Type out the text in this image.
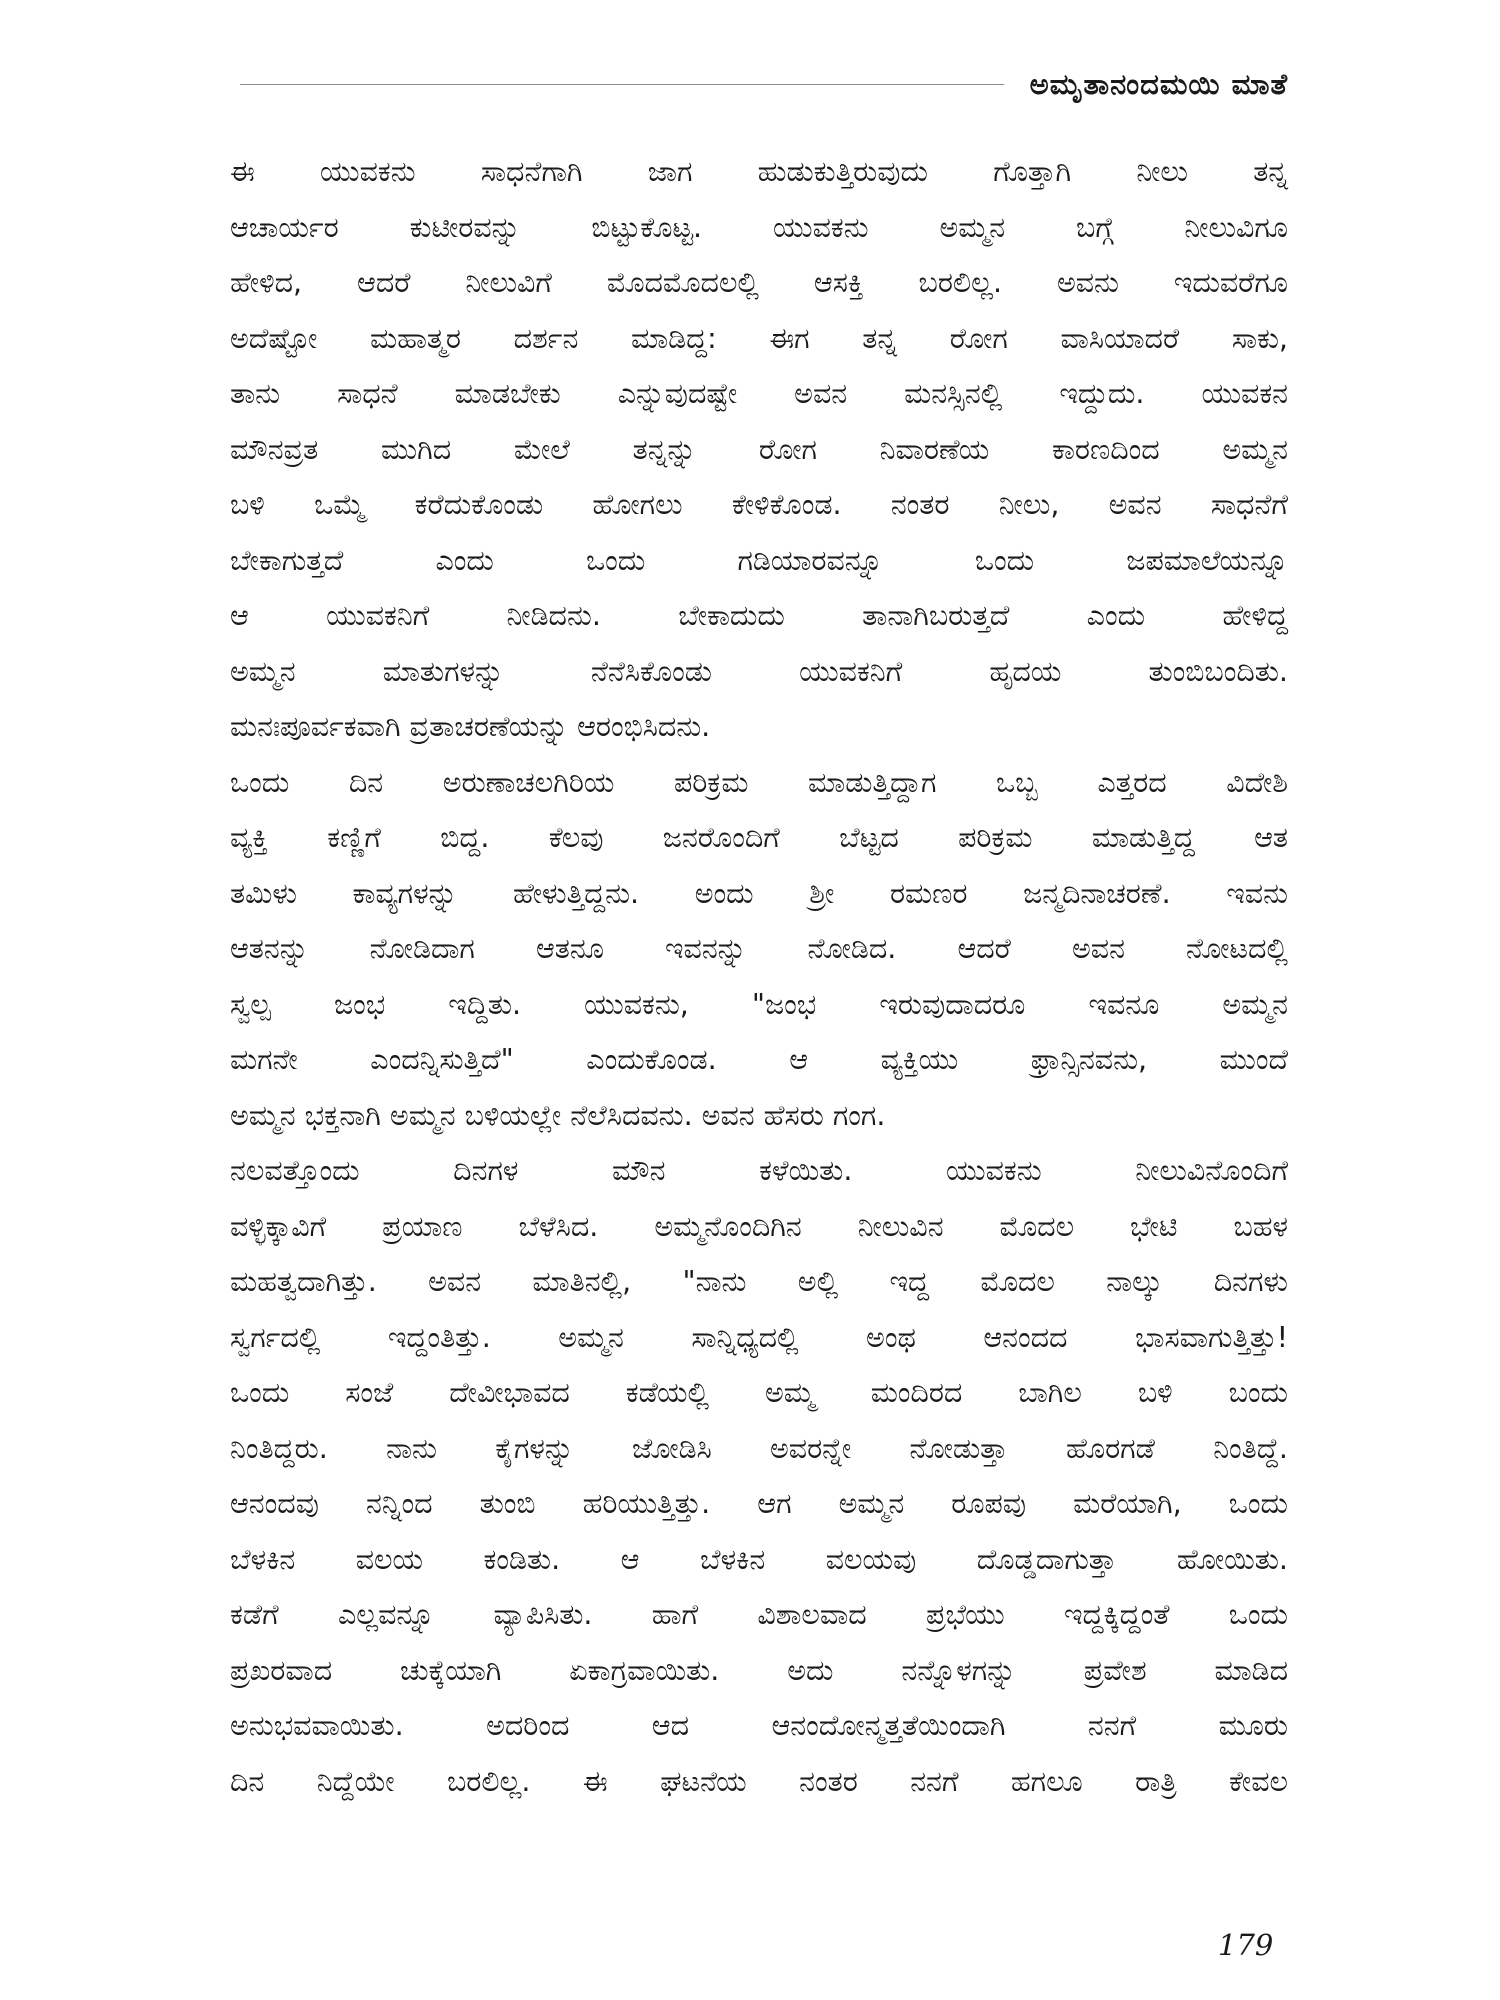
ಅಮೃತಾನಂದಮಯಿ ಮಾತೆ

ಈ ಯುವಕನು ಸಾಧನೆಗಾಗಿ ಜಾಗ ಹುಡುಕುತ್ತಿರುವುದು ಗೊತ್ತಾಗಿ ನೀಲು ತನ್ನ
ಆಚಾರ್ಯರ ಕುಟೀರವನ್ನು ಬಿಟ್ಟುಕೊಟ್ಟ. ಯುವಕನು ಅಮ್ಮನ ಬಗ್ಗೆ ನೀಲುವಿಗೂ
ಹೇಳಿದ, ಆದರೆ ನೀಲುವಿಗೆ ಮೊದಮೊದಲಲ್ಲಿ ಆಸಕ್ತಿ ಬರಲಿಲ್ಲ. ಅವನು ಇದುವರೆಗೂ
ಅದೆಷ್ಟೋ ಮಹಾತ್ಮರ ದರ್ಶನ ಮಾಡಿದ್ದ: ಈಗ ತನ್ನ ರೋಗ ವಾಸಿಯಾದರೆ ಸಾಕು,
ತಾನು ಸಾಧನೆ ಮಾಡಬೇಕು ಎನ್ನುವುದಷ್ಟೇ ಅವನ ಮನಸ್ಸಿನಲ್ಲಿ ಇದ್ದುದು. ಯುವಕನ
ಮೌನವ್ರತ ಮುಗಿದ ಮೇಲೆ ತನ್ನನ್ನು ರೋಗ ನಿವಾರಣೆಯ ಕಾರಣದಿಂದ ಅಮ್ಮನ
ಬಳಿ ಒಮ್ಮೆ ಕರೆದುಕೊಂಡು ಹೋಗಲು ಕೇಳಿಕೊಂಡ. ನಂತರ ನೀಲು, ಅವನ ಸಾಧನೆಗೆ
ಬೇಕಾಗುತ್ತದೆ ಎಂದು ಒಂದು ಗಡಿಯಾರವನ್ನೂ ಒಂದು ಜಪಮಾಲೆಯನ್ನೂ
ಆ ಯುವಕನಿಗೆ ನೀಡಿದನು. ಬೇಕಾದುದು ತಾನಾಗಿಬರುತ್ತದೆ ಎಂದು ಹೇಳಿದ್ದ
ಅಮ್ಮನ ಮಾತುಗಳನ್ನು ನೆನೆಸಿಕೊಂಡು ಯುವಕನಿಗೆ ಹೃದಯ ತುಂಬಿಬಂದಿತು.
ಮನಃಪೂರ್ವಕವಾಗಿ ವ್ರತಾಚರಣೆಯನ್ನು ಆರಂಭಿಸಿದನು.

ಒಂದು ದಿನ ಅರುಣಾಚಲಗಿರಿಯ ಪರಿಕ್ರಮ ಮಾಡುತ್ತಿದ್ದಾಗ ಒಬ್ಬ ಎತ್ತರದ ವಿದೇಶಿ
ವ್ಯಕ್ತಿ ಕಣ್ಣಿಗೆ ಬಿದ್ದ. ಕೆಲವು ಜನರೊಂದಿಗೆ ಬೆಟ್ಟದ ಪರಿಕ್ರಮ ಮಾಡುತ್ತಿದ್ದ ಆತ
ತಮಿಳು ಕಾವ್ಯಗಳನ್ನು ಹೇಳುತ್ತಿದ್ದನು. ಅಂದು ಶ್ರೀ ರಮಣರ ಜನ್ಮದಿನಾಚರಣೆ. ಇವನು
ಆತನನ್ನು ನೋಡಿದಾಗ ಆತನೂ ಇವನನ್ನು ನೋಡಿದ. ಆದರೆ ಅವನ ನೋಟದಲ್ಲಿ
ಸ್ವಲ್ಪ ಜಂಭ ಇದ್ದಿತು. ಯುವಕನು, "ಜಂಭ ಇರುವುದಾದರೂ ಇವನೂ ಅಮ್ಮನ
ಮಗನೇ ಎಂದನ್ನಿಸುತ್ತಿದೆ" ಎಂದುಕೊಂಡ. ಆ ವ್ಯಕ್ತಿಯು ಫ್ರಾನ್ಸಿನವನು, ಮುಂದೆ
ಅಮ್ಮನ ಭಕ್ತನಾಗಿ ಅಮ್ಮನ ಬಳಿಯಲ್ಲೇ ನೆಲೆಸಿದವನು. ಅವನ ಹೆಸರು ಗಂಗ.

ನಲವತ್ತೊಂದು ದಿನಗಳ ಮೌನ ಕಳೆಯಿತು. ಯುವಕನು ನೀಲುವಿನೊಂದಿಗೆ
ವಳ್ಳಿಕ್ಕಾವಿಗೆ ಪ್ರಯಾಣ ಬೆಳೆಸಿದ. ಅಮ್ಮನೊಂದಿಗಿನ ನೀಲುವಿನ ಮೊದಲ ಭೇಟಿ ಬಹಳ
ಮಹತ್ವದಾಗಿತ್ತು. ಅವನ ಮಾತಿನಲ್ಲಿ, "ನಾನು ಅಲ್ಲಿ ಇದ್ದ ಮೊದಲ ನಾಲ್ಕು ದಿನಗಳು
ಸ್ವರ್ಗದಲ್ಲಿ ಇದ್ದಂತಿತ್ತು. ಅಮ್ಮನ ಸಾನ್ನಿಧ್ಯದಲ್ಲಿ ಅಂಥ ಆನಂದದ ಭಾಸವಾಗುತ್ತಿತ್ತು!
ಒಂದು ಸಂಜೆ ದೇವೀಭಾವದ ಕಡೆಯಲ್ಲಿ ಅಮ್ಮ ಮಂದಿರದ ಬಾಗಿಲ ಬಳಿ ಬಂದು
ನಿಂತಿದ್ದರು. ನಾನು ಕೈಗಳನ್ನು ಜೋಡಿಸಿ ಅವರನ್ನೇ ನೋಡುತ್ತಾ ಹೊರಗಡೆ ನಿಂತಿದ್ದೆ.
ಆನಂದವು ನನ್ನಿಂದ ತುಂಬಿ ಹರಿಯುತ್ತಿತ್ತು. ಆಗ ಅಮ್ಮನ ರೂಪವು ಮರೆಯಾಗಿ, ಒಂದು
ಬೆಳಕಿನ ವಲಯ ಕಂಡಿತು. ಆ ಬೆಳಕಿನ ವಲಯವು ದೊಡ್ಡದಾಗುತ್ತಾ ಹೋಯಿತು.
ಕಡೆಗೆ ಎಲ್ಲವನ್ನೂ ವ್ಯಾಪಿಸಿತು. ಹಾಗೆ ವಿಶಾಲವಾದ ಪ್ರಭೆಯು ಇದ್ದಕ್ಕಿದ್ದಂತೆ ಒಂದು
ಪ್ರಖರವಾದ ಚುಕ್ಕೆಯಾಗಿ ಏಕಾಗ್ರವಾಯಿತು. ಅದು ನನ್ನೊಳಗನ್ನು ಪ್ರವೇಶ ಮಾಡಿದ
ಅನುಭವವಾಯಿತು. ಅದರಿಂದ ಆದ ಆನಂದೋನ್ಮತ್ತತೆಯಿಂದಾಗಿ ನನಗೆ ಮೂರು
ದಿನ ನಿದ್ದೆಯೇ ಬರಲಿಲ್ಲ. ಈ ಘಟನೆಯ ನಂತರ ನನಗೆ ಹಗಲೂ ರಾತ್ರಿ ಕೇವಲ

179
